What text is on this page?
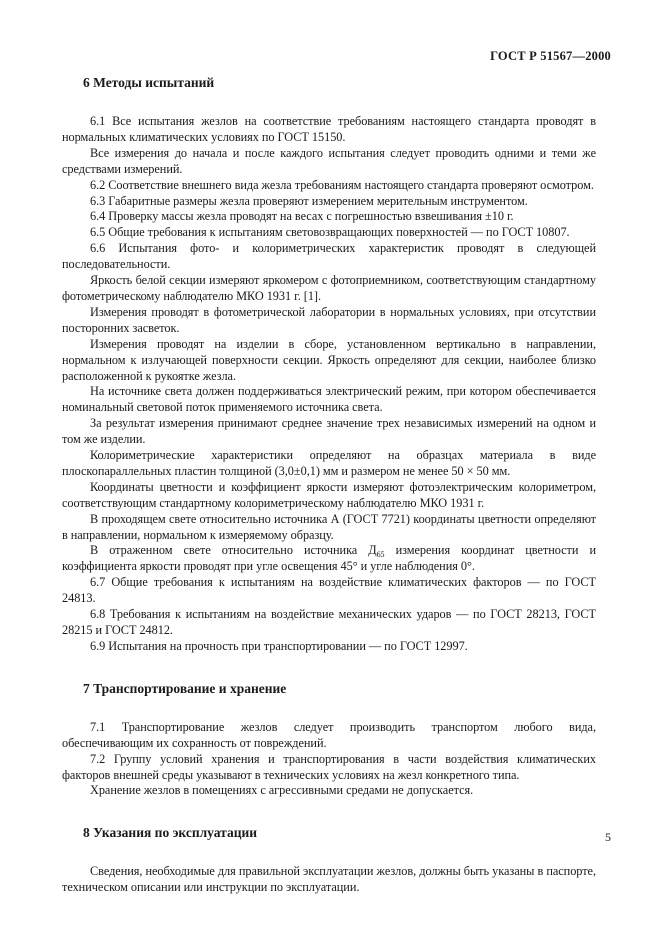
ГОСТ Р 51567—2000
6 Методы испытаний

6.1 Все испытания жезлов на соответствие требованиям настоящего стандарта проводят в нормальных климатических условиях по ГОСТ 15150.

Все измерения до начала и после каждого испытания следует проводить одними и теми же средствами измерений.

6.2 Соответствие внешнего вида жезла требованиям настоящего стандарта проверяют осмотром.

6.3 Габаритные размеры жезла проверяют измерением мерительным инструментом.

6.4 Проверку массы жезла проводят на весах с погрешностью взвешивания ±10 г.

6.5 Общие требования к испытаниям световозвращающих поверхностей — по ГОСТ 10807.

6.6 Испытания фото- и колориметрических характеристик проводят в следующей последовательности.

Яркость белой секции измеряют яркомером с фотоприемником, соответствующим стандартному фотометрическому наблюдателю МКО 1931 г. [1].

Измерения проводят в фотометрической лаборатории в нормальных условиях, при отсутствии посторонних засветок.

Измерения проводят на изделии в сборе, установленном вертикально в направлении, нормальном к излучающей поверхности секции. Яркость определяют для секции, наиболее близко расположенной к рукоятке жезла.

На источнике света должен поддерживаться электрический режим, при котором обеспечивается номинальный световой поток применяемого источника света.

За результат измерения принимают среднее значение трех независимых измерений на одном и том же изделии.

Колориметрические характеристики определяют на образцах материала в виде плоскопараллельных пластин толщиной (3,0±0,1) мм и размером не менее 50 × 50 мм.

Координаты цветности и коэффициент яркости измеряют фотоэлектрическим колориметром, соответствующим стандартному колориметрическому наблюдателю МКО 1931 г.

В проходящем свете относительно источника А (ГОСТ 7721) координаты цветности определяют в направлении, нормальном к измеряемому образцу.

В отраженном свете относительно источника $Д_{65}$ измерения координат цветности и коэффициента яркости проводят при угле освещения 45° и угле наблюдения 0°.

6.7 Общие требования к испытаниям на воздействие климатических факторов — по ГОСТ 24813.

6.8 Требования к испытаниям на воздействие механических ударов — по ГОСТ 28213, ГОСТ 28215 и ГОСТ 24812.

6.9 Испытания на прочность при транспортировании — по ГОСТ 12997.

7 Транспортирование и хранение

7.1 Транспортирование жезлов следует производить транспортом любого вида, обеспечивающим их сохранность от повреждений.

7.2 Группу условий хранения и транспортирования в части воздействия климатических факторов внешней среды указывают в технических условиях на жезл конкретного типа.

Хранение жезлов в помещениях с агрессивными средами не допускается.

8 Указания по эксплуатации

Сведения, необходимые для правильной эксплуатации жезлов, должны быть указаны в паспорте, техническом описании или инструкции по эксплуатации.

5
